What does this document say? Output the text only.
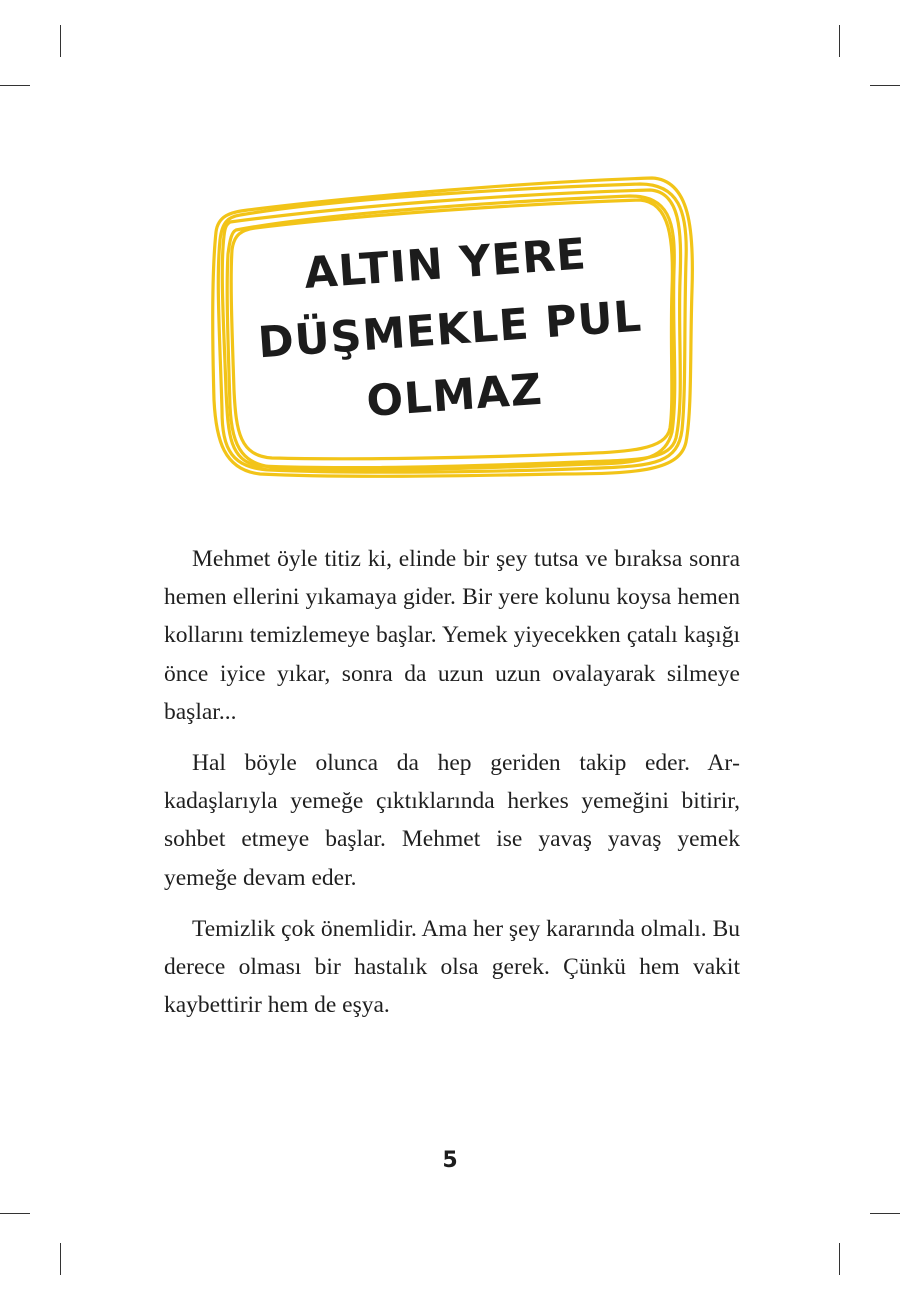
ALTIN YERE
DÜŞMEKLE PUL
OLMAZ

Mehmet öyle titiz ki, elinde bir şey tutsa ve bıraksa sonra hemen ellerini yıkamaya gider. Bir yere kolunu koysa hemen kollarını temizlemeye başlar. Yemek yiyecekken çatalı kaşığı önce iyice yıkar, sonra da uzun uzun ovalayarak silmeye başlar...

Hal böyle olunca da hep geriden takip eder. Arkadaşlarıyla yemeğe çıktıklarında herkes yemeğini bitirir, sohbet etmeye başlar. Mehmet ise yavaş yavaş yemek yemeğe devam eder.

Temizlik çok önemlidir. Ama her şey kararında olmalı. Bu derece olması bir hastalık olsa gerek. Çünkü hem vakit kaybettirir hem de eşya.

5
